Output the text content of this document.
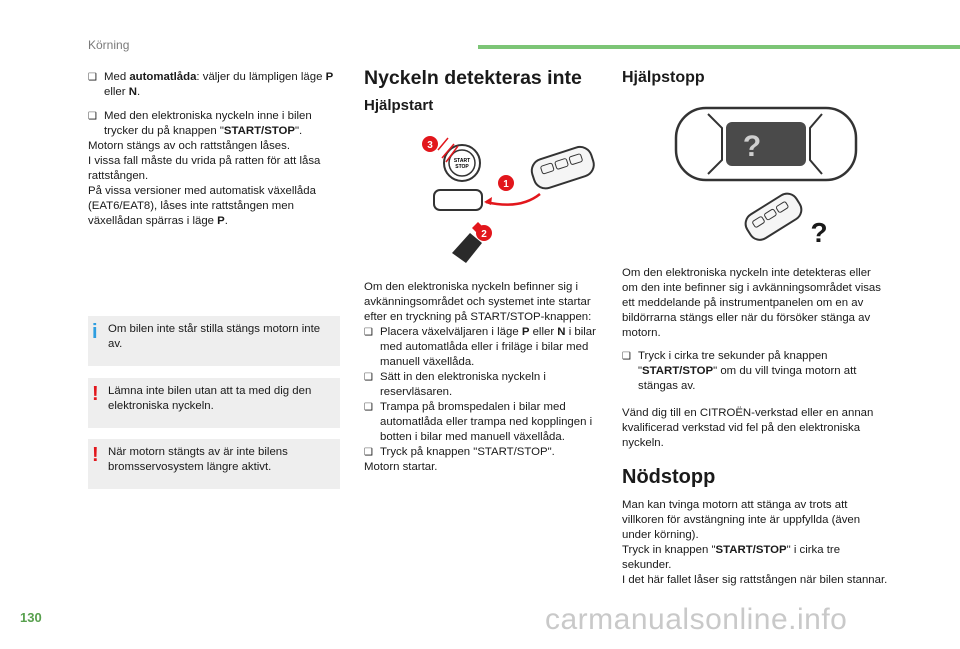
Körning

❑ Med automatlåda: väljer du lämpligen läge P eller N.

❑ Med den elektroniska nyckeln inne i bilen trycker du på knappen "START/STOP".

Motorn stängs av och rattstången låses.

I vissa fall måste du vrida på ratten för att låsa rattstången.

På vissa versioner med automatisk växellåda (EAT6/EAT8), låses inte rattstången men växellådan spärras i läge P.

i Om bilen inte står stilla stängs motorn inte av.
! Lämna inte bilen utan att ta med dig den elektroniska nyckeln.
! När motorn stängts av är inte bilens bromsservosystem längre aktivt.
Nyckeln detekteras inte
Hjälpstart
START
STOP
3
1
2

Om den elektroniska nyckeln befinner sig i avkänningsområdet och systemet inte startar efter en tryckning på START/STOP-knappen:

❑ Placera växelväljaren i läge P eller N i bilar med automatlåda eller i friläge i bilar med manuell växellåda.

❑ Sätt in den elektroniska nyckeln i reservläsaren.

❑ Trampa på bromspedalen i bilar med automatlåda eller trampa ned kopplingen i botten i bilar med manuell växellåda.

❑ Tryck på knappen "START/STOP".

Motorn startar.

Hjälpstopp
?
?

Om den elektroniska nyckeln inte detekteras eller om den inte befinner sig i avkänningsområdet visas ett meddelande på instrumentpanelen om en av bildörrarna stängs eller när du försöker stänga av motorn.

❑ Tryck i cirka tre sekunder på knappen "START/STOP" om du vill tvinga motorn att stängas av.

Vänd dig till en CITROËN-verkstad eller en annan kvalificerad verkstad vid fel på den elektroniska nyckeln.

Nödstopp

Man kan tvinga motorn att stänga av trots att villkoren för avstängning inte är uppfyllda (även under körning).

Tryck in knappen "START/STOP" i cirka tre sekunder.

I det här fallet låser sig rattstången när bilen stannar.

130	carmanualsonline.info
